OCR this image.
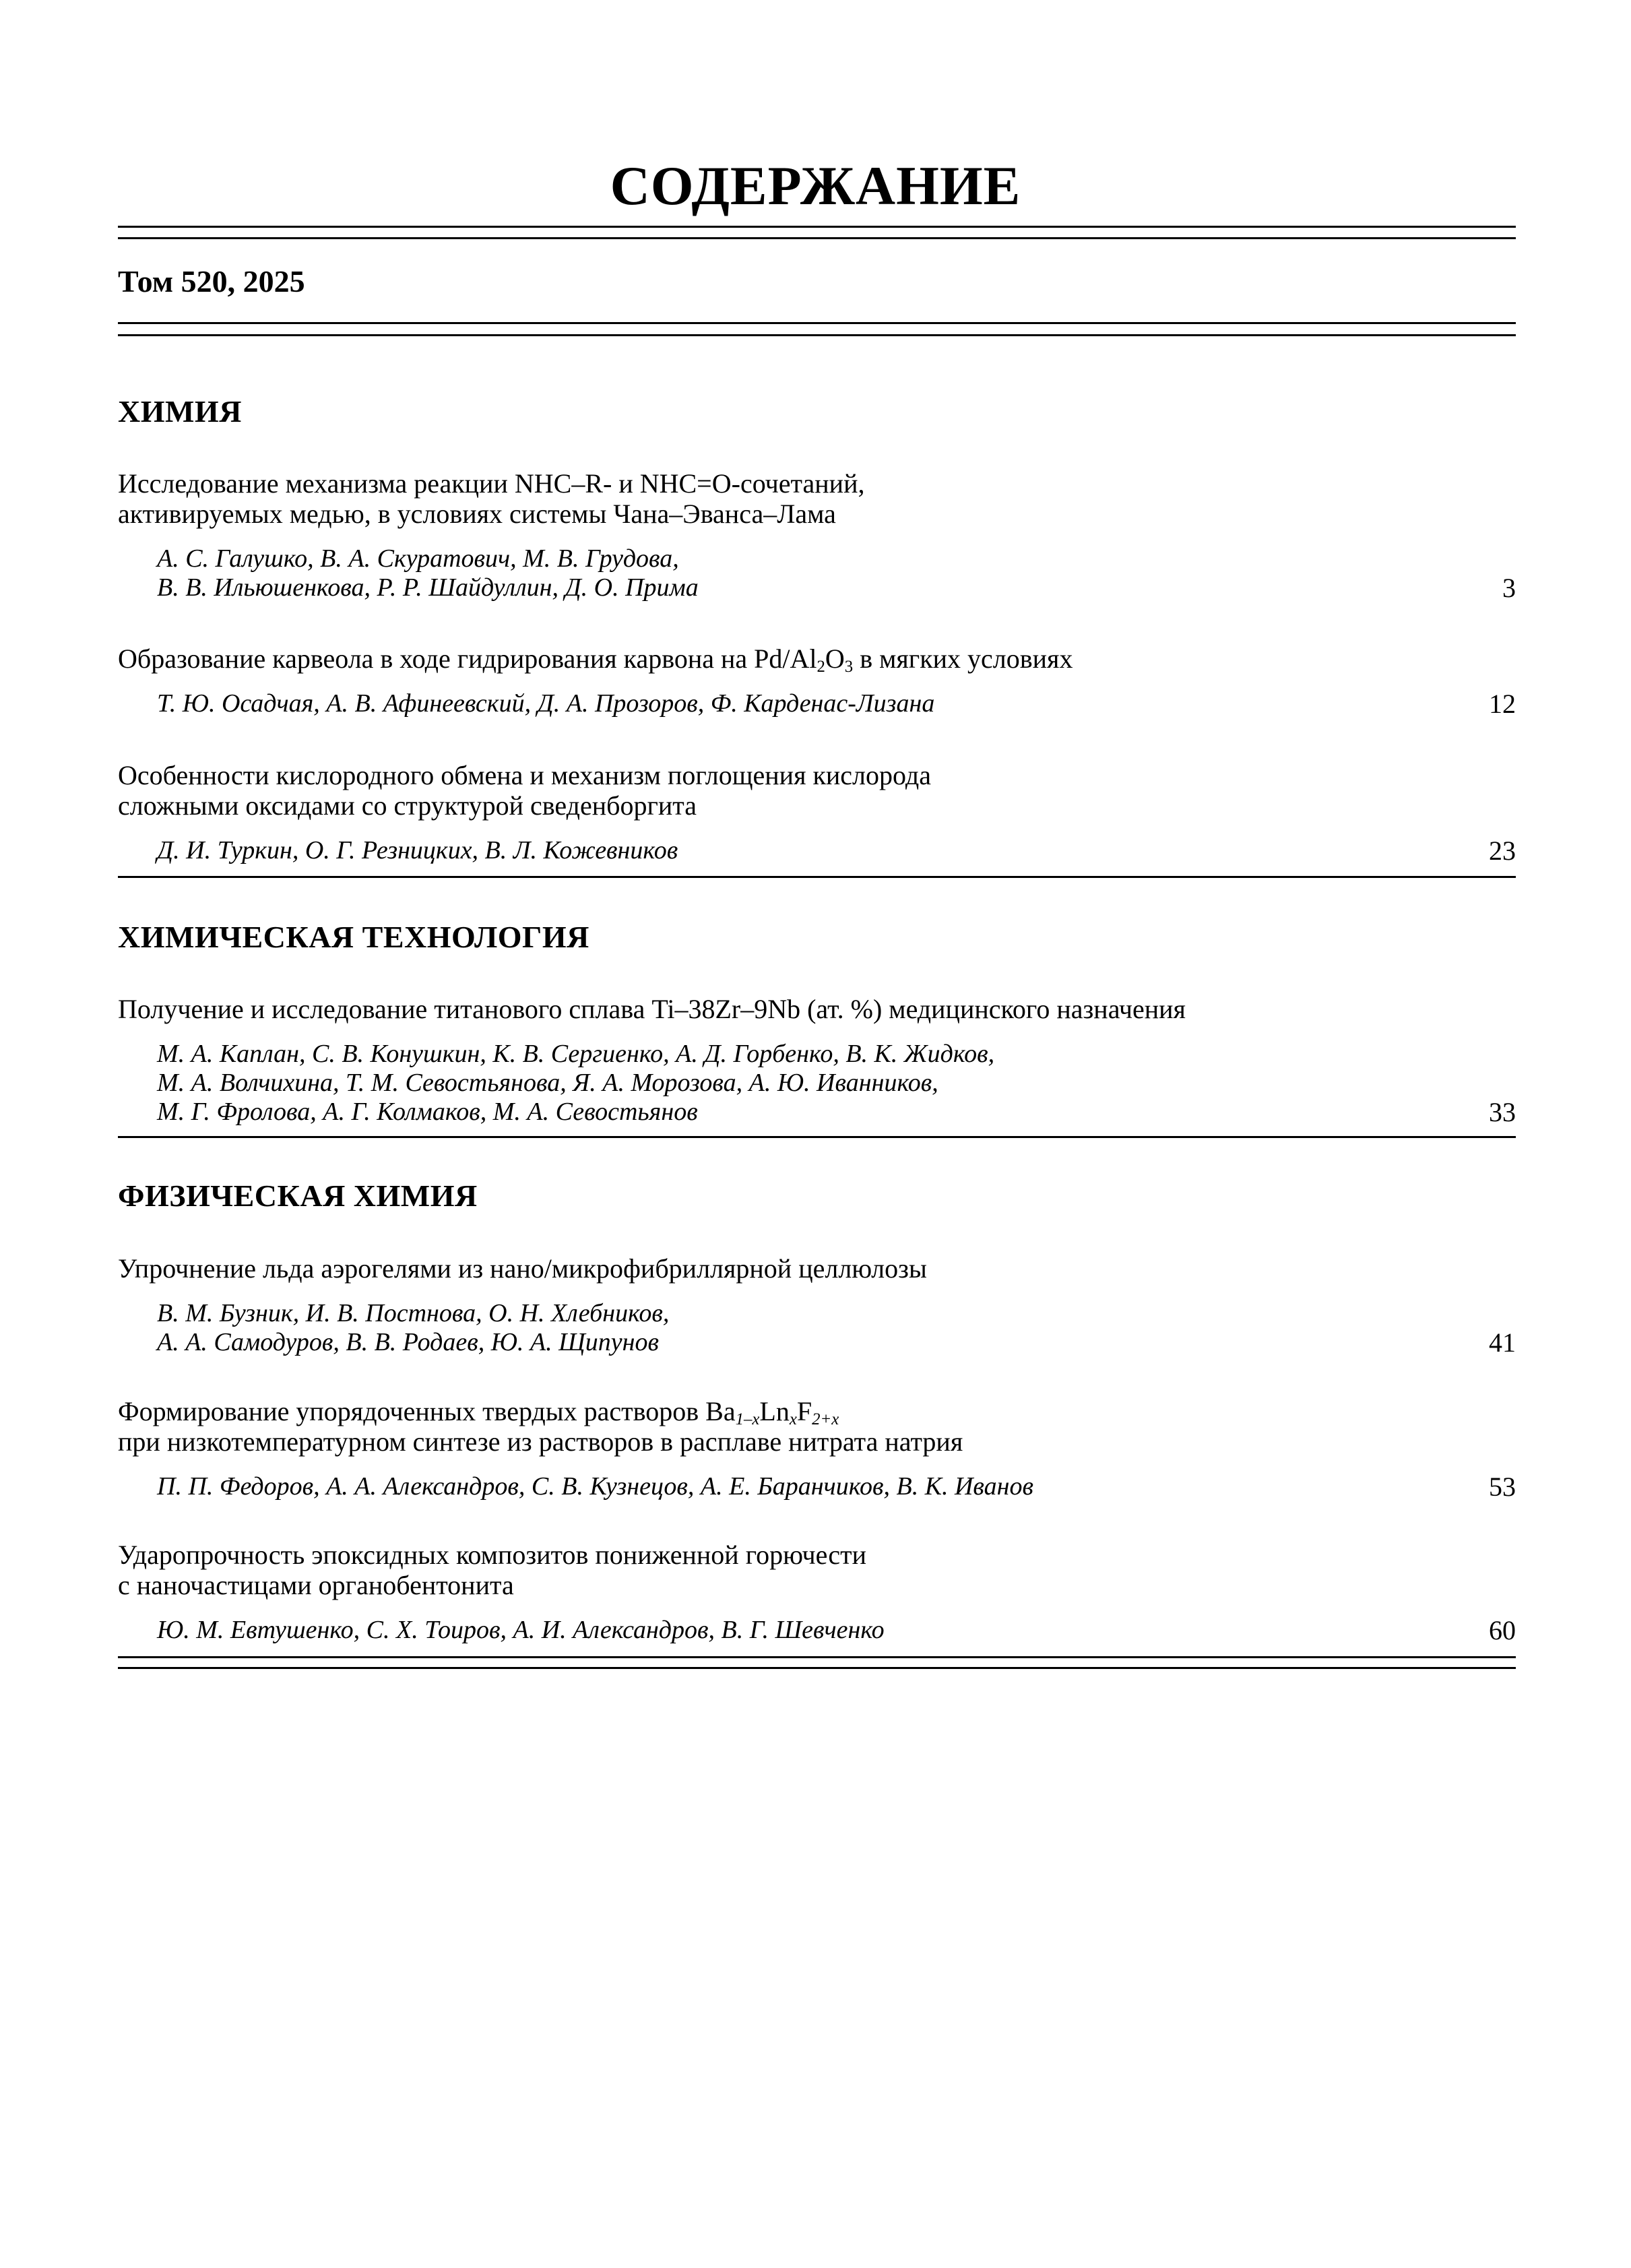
СОДЕРЖАНИЕ
Том 520, 2025
ХИМИЯ
Исследование механизма реакции NHC–R- и NHC=O-сочетаний,
активируемых медью, в условиях системы Чана–Эванса–Лама
А. С. Галушко, В. А. Скуратович, М. В. Грудова,
В. В. Ильюшенкова, Р. Р. Шайдуллин, Д. О. Прима	3
Образование карвеола в ходе гидрирования карвона на $Pd/Al_2O_3$ в мягких условиях
Т. Ю. Осадчая, А. В. Афинеевский, Д. А. Прозоров, Ф. Карденас-Лизана	12
Особенности кислородного обмена и механизм поглощения кислорода
сложными оксидами со структурой сведенборгита
Д. И. Туркин, О. Г. Резницких, В. Л. Кожевников	23
ХИМИЧЕСКАЯ ТЕХНОЛОГИЯ
Получение и исследование титанового сплава Ti–38Zr–9Nb (ат. %) медицинского назначения
М. А. Каплан, С. В. Конушкин, К. В. Сергиенко, А. Д. Горбенко, В. К. Жидков,
М. А. Волчихина, Т. М. Севостьянова, Я. А. Морозова, А. Ю. Иванников,
М. Г. Фролова, А. Г. Колмаков, М. А. Севостьянов	33
ФИЗИЧЕСКАЯ ХИМИЯ
Упрочнение льда аэрогелями из нано/микрофибриллярной целлюлозы
В. М. Бузник, И. В. Постнова, О. Н. Хлебников,
А. А. Самодуров, В. В. Родаев, Ю. А. Щипунов	41
Формирование упорядоченных твердых растворов $Ba_{1-x}Ln_xF_{2+x}$
при низкотемпературном синтезе из растворов в расплаве нитрата натрия
П. П. Федоров, А. А. Александров, С. В. Кузнецов, А. Е. Баранчиков, В. К. Иванов	53
Ударопрочность эпоксидных композитов пониженной горючести
с наночастицами органобентонита
Ю. М. Евтушенко, С. Х. Тоиров, А. И. Александров, В. Г. Шевченко	60
